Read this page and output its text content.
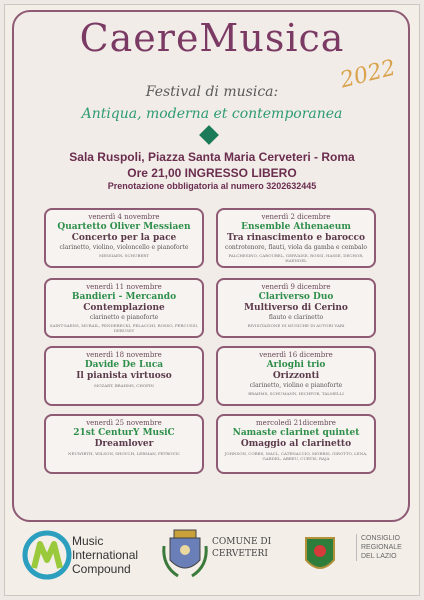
CaereMusica
2022
Festival di musica:
Antiqua, moderna et contemporanea
Sala Ruspoli, Piazza Santa Maria Cerveteri - Roma
Ore 21,00 INGRESSO LIBERO
Prenotazione obbligatoria al numero 3202632445
venerdì 4 novembre
Quartetto Oliver Messiaen
Concerto per la pace
clarinetto, violino, violoncello e pianoforte
MESSIAEN, SCHUBERT
venerdì 2 dicembre
Ensemble Athenaeum
Tra rinascimento e barocco
controtenore, flauti, viola da gamba e cembalo
PALCHESINO, CAROUBEL, GERVAISE, ROSSI, HASSE, DECHOR, HAENDEL
venerdì 11 novembre
Bandieri - Mercando
Contemplazione
clarinetto e pianoforte
SAINT-SAENS, MURAIL, PENDERECKI, PELACCHI, ROSSO, PERCUSSI, DEBUSSY
venerdì 9 dicembre
Clariverso Duo
Multiverso di Cerino
flauto e clarinetto
RIVISITAZIONE DI MUSICHE DI AUTORI VARI
venerdì 18 novembre
Davide De Luca
Il pianista virtuoso
MOZART, BRAHMS, CHOPIN
venerdì 16 dicembre
Arloghi trio
Orizzonti
clarinetto, violino e pianoforte
BRAHMS, SCHUMANN, HICHFOR, TALMELLI
venerdì 25 novembre
21st CenturY MusiC
Dreamlover
NEUWIRTH, WILSON, SHOVCH, LERMAN, PETROVIC
mercoledì 21dicembre
Namaste clarinet quintet
Omaggio al clarinetto
JOHNSON, CORBS, MACL, CATENACCIO, MORRIS, GIROTTO, LENA, GARDEL, ABREU, CURTIS, RAJA
Music
International
Compound
COMUNE DI
CERVETERI
CONSIGLIO
REGIONALE
DEL LAZIO
